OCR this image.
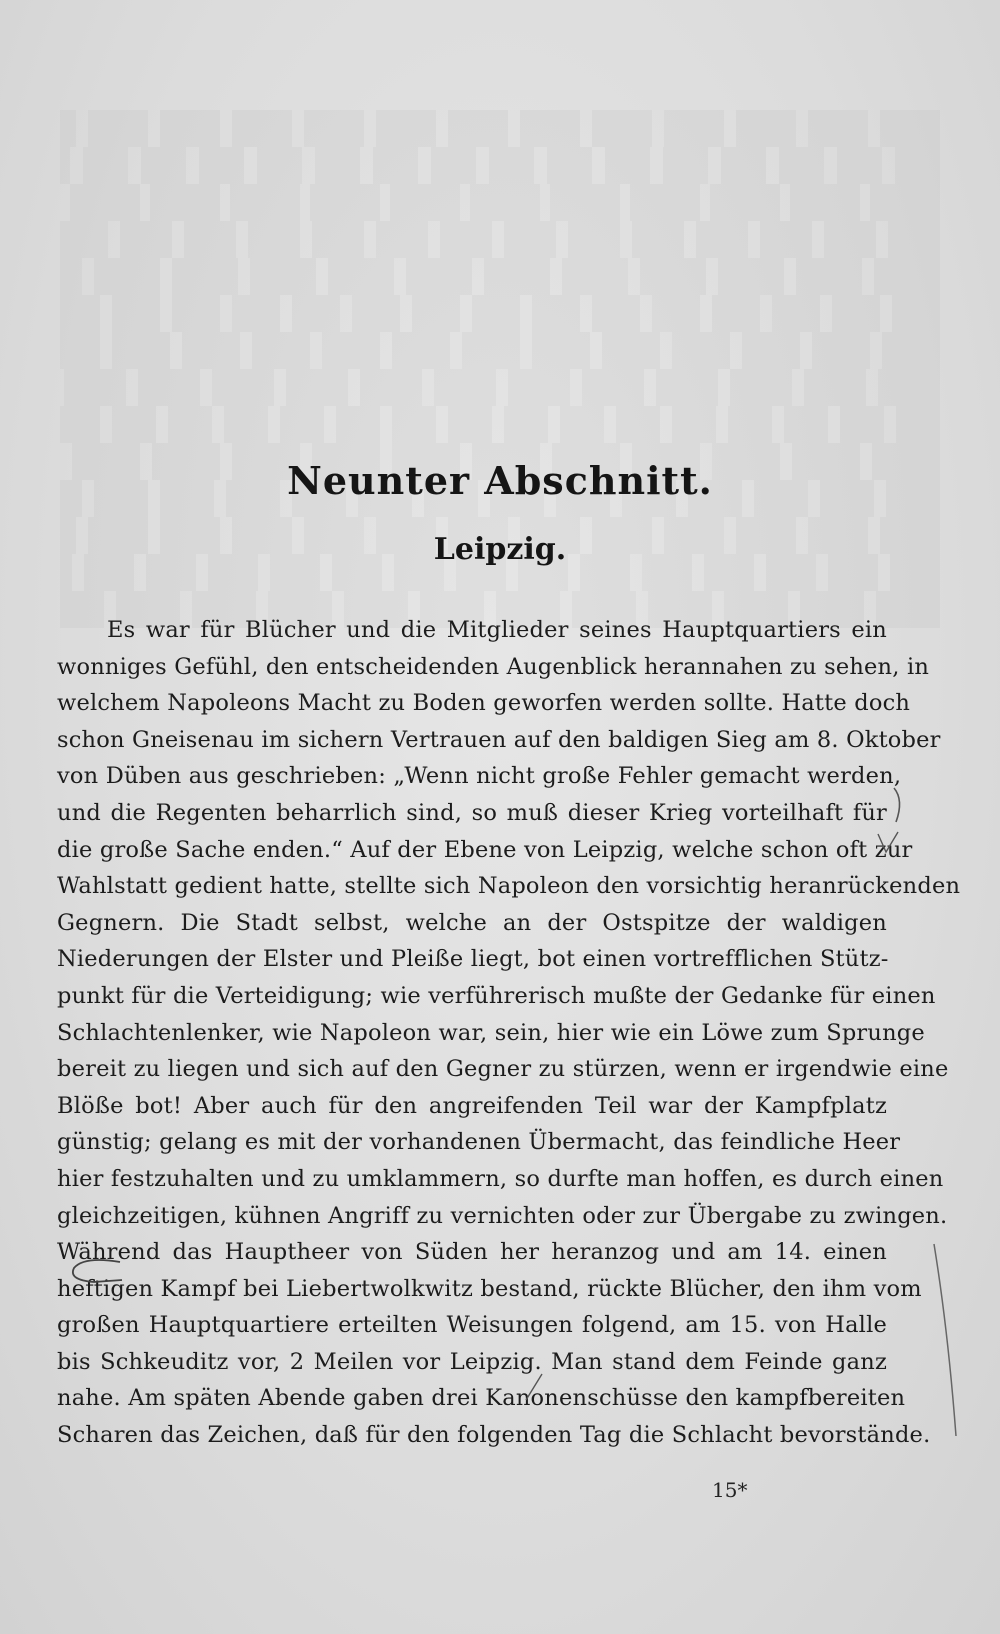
Neunter Abschnitt.
Leipzig.
Es war für Blücher und die Mitglieder seines Hauptquartiers ein
wonniges Gefühl, den entscheidenden Augenblick herannahen zu sehen, in
welchem Napoleons Macht zu Boden geworfen werden sollte. Hatte doch
schon Gneisenau im sichern Vertrauen auf den baldigen Sieg am 8. Oktober
von Düben aus geschrieben: „Wenn nicht große Fehler gemacht werden,
und die Regenten beharrlich sind, so muß dieser Krieg vorteilhaft für
die große Sache enden.“ Auf der Ebene von Leipzig, welche schon oft zur
Wahlstatt gedient hatte, stellte sich Napoleon den vorsichtig heranrückenden
Gegnern. Die Stadt selbst, welche an der Ostspitze der waldigen
Niederungen der Elster und Pleiße liegt, bot einen vortrefflichen Stütz-
punkt für die Verteidigung; wie verführerisch mußte der Gedanke für einen
Schlachtenlenker, wie Napoleon war, sein, hier wie ein Löwe zum Sprunge
bereit zu liegen und sich auf den Gegner zu stürzen, wenn er irgendwie eine
Blöße bot! Aber auch für den angreifenden Teil war der Kampfplatz
günstig; gelang es mit der vorhandenen Übermacht, das feindliche Heer
hier festzuhalten und zu umklammern, so durfte man hoffen, es durch einen
gleichzeitigen, kühnen Angriff zu vernichten oder zur Übergabe zu zwingen.
Während das Hauptheer von Süden her heranzog und am 14. einen
heftigen Kampf bei Liebertwolkwitz bestand, rückte Blücher, den ihm vom
großen Hauptquartiere erteilten Weisungen folgend, am 15. von Halle
bis Schkeuditz vor, 2 Meilen vor Leipzig. Man stand dem Feinde ganz
nahe. Am späten Abende gaben drei Kanonenschüsse den kampfbereiten
Scharen das Zeichen, daß für den folgenden Tag die Schlacht bevorstände.
15*
